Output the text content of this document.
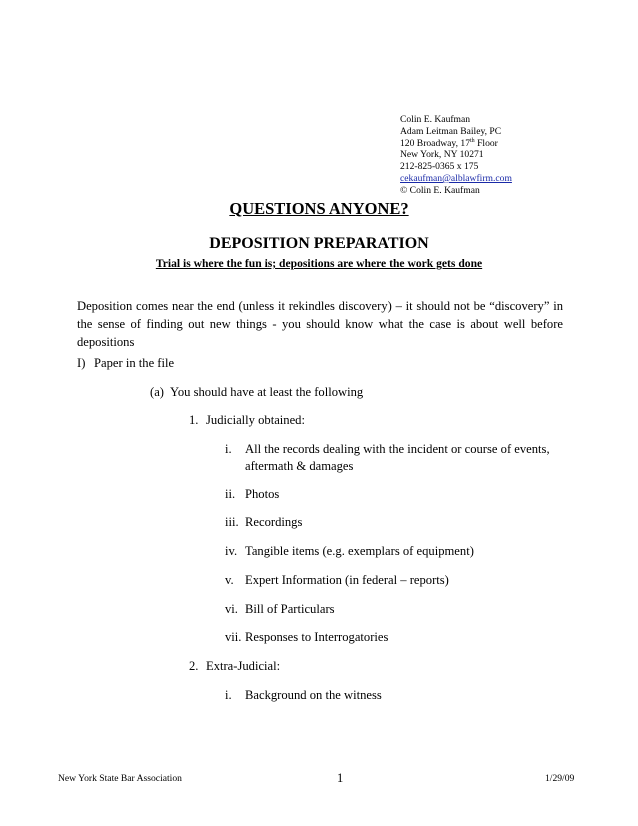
Colin E. Kaufman
Adam Leitman Bailey, PC
120 Broadway, 17th Floor
New York, NY 10271
212-825-0365 x 175
cekaufman@alblawfirm.com
© Colin E. Kaufman
QUESTIONS ANYONE?
DEPOSITION PREPARATION
Trial is where the fun is; depositions are where the work gets done
Deposition comes near the end (unless it rekindles discovery) – it should not be “discovery” in the sense of finding out new things - you should know what the case is about well before depositions
I) Paper in the file
(a) You should have at least the following
1. Judicially obtained:
i. All the records dealing with the incident or course of events,
aftermath & damages
ii. Photos
iii. Recordings
iv. Tangible items (e.g. exemplars of equipment)
v. Expert Information (in federal – reports)
vi. Bill of Particulars
vii. Responses to Interrogatories
2. Extra-Judicial:
i. Background on the witness
New York State Bar Association	1	1/29/09
